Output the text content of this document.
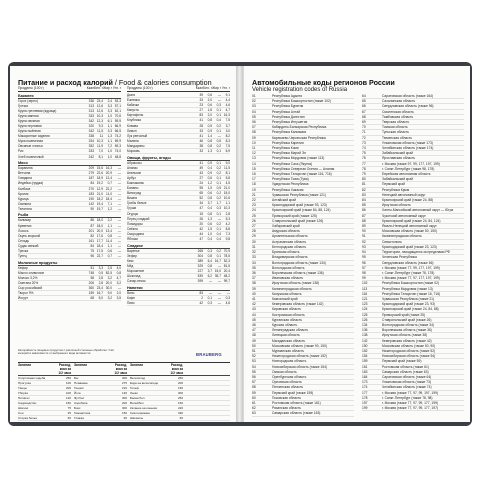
Питание и расход калорий / Food & calories consumption
Продукты (100 г)	Ккал Бел. г Жир г Угл. г
Бакалея
Горох (зерно)	336 23,4	2,4 53,3
Гречка	313 12,6	3,3 57,1
Крупа гречневая (ядрица)	313 12,6	3,3 62,1
Крупа манная	333 10,3	1,0 70,6
Крупа овсяная	342 12,3	6,1 59,5
Крупа перловая	320	9,3	1,1 66,9
Крупа пшённая	342 11,5	3,3 66,5
Макаронные изделия	338	11	1,3 74,2
Мука пшеничная	334 10,3	1,1 69,9
Овсяные хлопья	352 11,9	7,2 69,3
Рис	333	7,0	1,0 74,0
Хлеб пшеничный	242	8,1	1,0 48,8
Мясо
Баранина	209 15,6 16,3	—
Ветчина	279 22,6 20,9	—
Говядина	187 18,9 12,4	—
Индейка (грудка)	84 19,2	0,7	—
Колбаса	270 12,9 22,2	—
Кролик	183 21,0 11,0	—
Курица	190 18,2 18,4	—
Свинина	142 19,4	7,1	—
Телятина	90 19,7	1,2	—
Рыба
Кальмар	86 18,0	2,2	—
Креветки	87 18,0	1,1	—
Лосось	201 20,0 13,4	—
Окунь морской	82 17,6	0,8	—
Сельдь	161 17,7 11,4	—
Судак свежий	84 18,4	1,1	—
Треска	75 17,5	0,6	—
Тунец	96 22,7	0,7	—
Молочные продукты
Кефир	51	3,3	2,5	4,0
Масло сливочное	748	0,5 82,5	0,8
Молоко 3,2%	58	2,8	3,2	4,7
Сметана 20%	206	2,8 20,0	3,2
Сыр российский	360 23,4 30,0	—
Творог 9%	159 16,7	9,0	2,0
Йогурт	68	5,0	3,2	3,5
Продукты (100 г)	Ккал Бел. г Жир г Угл. г
Дыня	39	0,6	—	9,1
Ежевика	33	2,0	—	4,4
Кабачки	23	0,6	0,3	4,6
Капуста	27	1,8	0,1	4,7
Картофель	83	2,0	0,1 16,3
Клубника	41	0,8	0,4	7,5
Клюква	28	0,5	0,2	3,7
Лимон	33	0,9	0,1	3,0
Лук репчатый	41	1,4	—	8,2
Малина	46	0,8	0,5	8,3
Мандарины	38	0,8	0,2	7,5
Морковь	33	1,3	0,1	6,9
Овощи, фрукты, ягоды
Абрикосы	41	0,9	0,1	9,0
Ананас	49	0,4	0,2 11,5
Апельсин	43	0,9	0,2	8,1
Арбуз	27	0,6	0,1	5,8
Баклажаны	24	1,2	0,1	4,5
Бананы	95	1,5	0,5 21,0
Виноград	65	0,6	0,2 15,0
Вишня	52	0,8	0,2 10,6
Грибы белые	34	3,7	1,7	1,1
Груши	47	0,4	0,3 10,3
Огурцы	15	0,8	0,1	2,8
Перец сладкий	26	1,3	—	5,3
Помидоры	20	0,6	0,2	4,2
Свёкла	42	1,5	0,1	8,8
Смородина	44	1,0	0,4	7,3
Яблоки	47	0,4	0,4	9,8
Сладкое
Варенье	265	0,3	0,2 70,9
Зефир	304	0,8	0,1 78,5
Кекс	389	6,4 16,7 52,3
Мёд	329	0,8	— 81,5
Мороженое	227	3,7 15,0 20,4
Шоколад	539	6,2 35,7 48,2
Сахар-песок	399	—	— 99,7
Напитки
Вино	83	—	—	—
Кофе	2	0,1	—	0,3
Пиво	42	0,3	—	4,6
Калорийность пищевых продуктов с различной степенью обработки. Учёт калорий в зависимости от выбранного вида активности.	BRAUBERG
Занятия	Расход, ккал за 1/2 часа
Занятия	Расход, ккал за 1/2 часа
Занятия	Расход, ккал за 1/2 часа
Спортивная ходьба	250	Бег	300	Велосипед	250
Прогулка	100	Плавание	275	Езда на велосипеде	200
Танцы	200	Теннис	210	Гольф	150
Уборка	100	Йога	130	Лыжи	300
Пилатес	120	Футбол	300	Баскетбол	250
Садоводство	150	Аэробика	200	Волейбол	150
Шопинг	75	Бокс	300	Катание на коньках	220
Сон	35	Гимнастика	150	Скалолазание	330
Стирка белья	60	Глажка	90	Шахматы	60
Автомобильные коды регионов России
Vehicle registration codes of Russia
01	Республика Адыгея
02	Республика Башкортостан (также 102)
03	Республика Бурятия
04	Республика Алтай
05	Республика Дагестан
06	Республика Ингушетия
07	Кабардино-Балкарская Республика
08	Республика Калмыкия
09	Карачаево-Черкесская Республика
10	Республика Карелия
11	Республика Коми
12	Республика Марий Эл
13	Республика Мордовия (также 113)
14	Республика Саха (Якутия)
15	Республика Северная Осетия — Алания
16	Республика Татарстан (также 116, 716)
17	Республика Тыва (Тува)
18	Удмуртская Республика
19	Республика Хакасия
21	Чувашская Республика (также 121)
22	Алтайский край
23	Краснодарский край (также 93, 123)
24	Красноярский край (также 84, 88, 124)
25	Приморский край (также 125)
26	Ставропольский край (также 126)
27	Хабаровский край
28	Амурская область
29	Архангельская область
30	Астраханская область
31	Белгородская область
32	Брянская область
33	Владимирская область
34	Волгоградская область (также 134)
35	Вологодская область
36	Воронежская область (также 136)
37	Ивановская область
38	Иркутская область (также 138)
39	Калининградская область
40	Калужская область
41	Камчатский край
42	Кемеровская область (также 142)
43	Кировская область
44	Костромская область
45	Курганская область
46	Курская область
47	Ленинградская область
48	Липецкая область
49	Магаданская область
50	Московская область (также 90, 150)
51	Мурманская область
52	Нижегородская область (также 152)
53	Новгородская область
54	Новосибирская область (также 154)
55	Омская область
56	Оренбургская область
57	Орловская область
58	Пензенская область
59	Пермский край (также 159)
60	Псковская область
61	Ростовская область (также 161)
62	Рязанская область
63	Самарская область (также 163)
64	Саратовская область (также 164)
65	Сахалинская область
66	Свердловская область (также 96)
67	Смоленская область
68	Тамбовская область
69	Тверская область
70	Томская область
71	Тульская область
72	Тюменская область
73	Ульяновская область (также 173)
74	Челябинская область (также 174)
75	Забайкальский край
76	Ярославская область
77	г. Москва (также 97, 99, 177, 197, 199)
78	г. Санкт-Петербург (также 98, 178)
79	Еврейская автономная область
80	Забайкальский край
81	Пермский край
82	Республика Крым
83	Ненецкий автономный округ
84	Красноярский край (также 24, 88)
85	Иркутская область
86	Ханты-Мансийский автономный округ — Югра
87	Чукотский автономный округ
88	Красноярский край (также 24, 84, 124)
89	Ямало-Ненецкий автономный округ
90	Московская область (также 50, 150)
91	Калининградская область
92	Севастополь
93	Краснодарский край (также 23, 123)
94	Территории, находящиеся за пределами РФ
95	Чеченская Республика
96	Свердловская область (также 66)
97	г. Москва (также 77, 99, 177, 197, 199)
98	г. Санкт-Петербург (также 78, 178)
99	г. Москва (также 77, 97, 177, 197, 199)
102	Республика Башкортостан (также 02)
113	Республика Мордовия (также 13)
116	Республика Татарстан (также 16, 716)
121	Чувашская Республика (также 21)
123	Краснодарский край (также 23, 93)
124	Красноярский край (также 24, 84, 88)
125	Приморский край (также 25)
126	Ставропольский край (также 26)
134	Волгоградская область (также 34)
136	Воронежская область (также 36)
138	Иркутская область (также 38)
142	Кемеровская область (также 42)
150	Московская область (также 50, 90)
152	Нижегородская область (также 52)
154	Новосибирская область (также 54)
159	Пермский край (также 59)
161	Ростовская область (также 61)
163	Самарская область (также 63)
164	Саратовская область (также 64)
173	Ульяновская область (также 73)
174	Челябинская область (также 74)
177	г. Москва (также 77, 97, 99, 197, 199)
178	г. Санкт-Петербург (также 78, 98)
197	г. Москва (также 77, 97, 99, 177, 199)
199	г. Москва (также 77, 97, 99, 177, 197)
